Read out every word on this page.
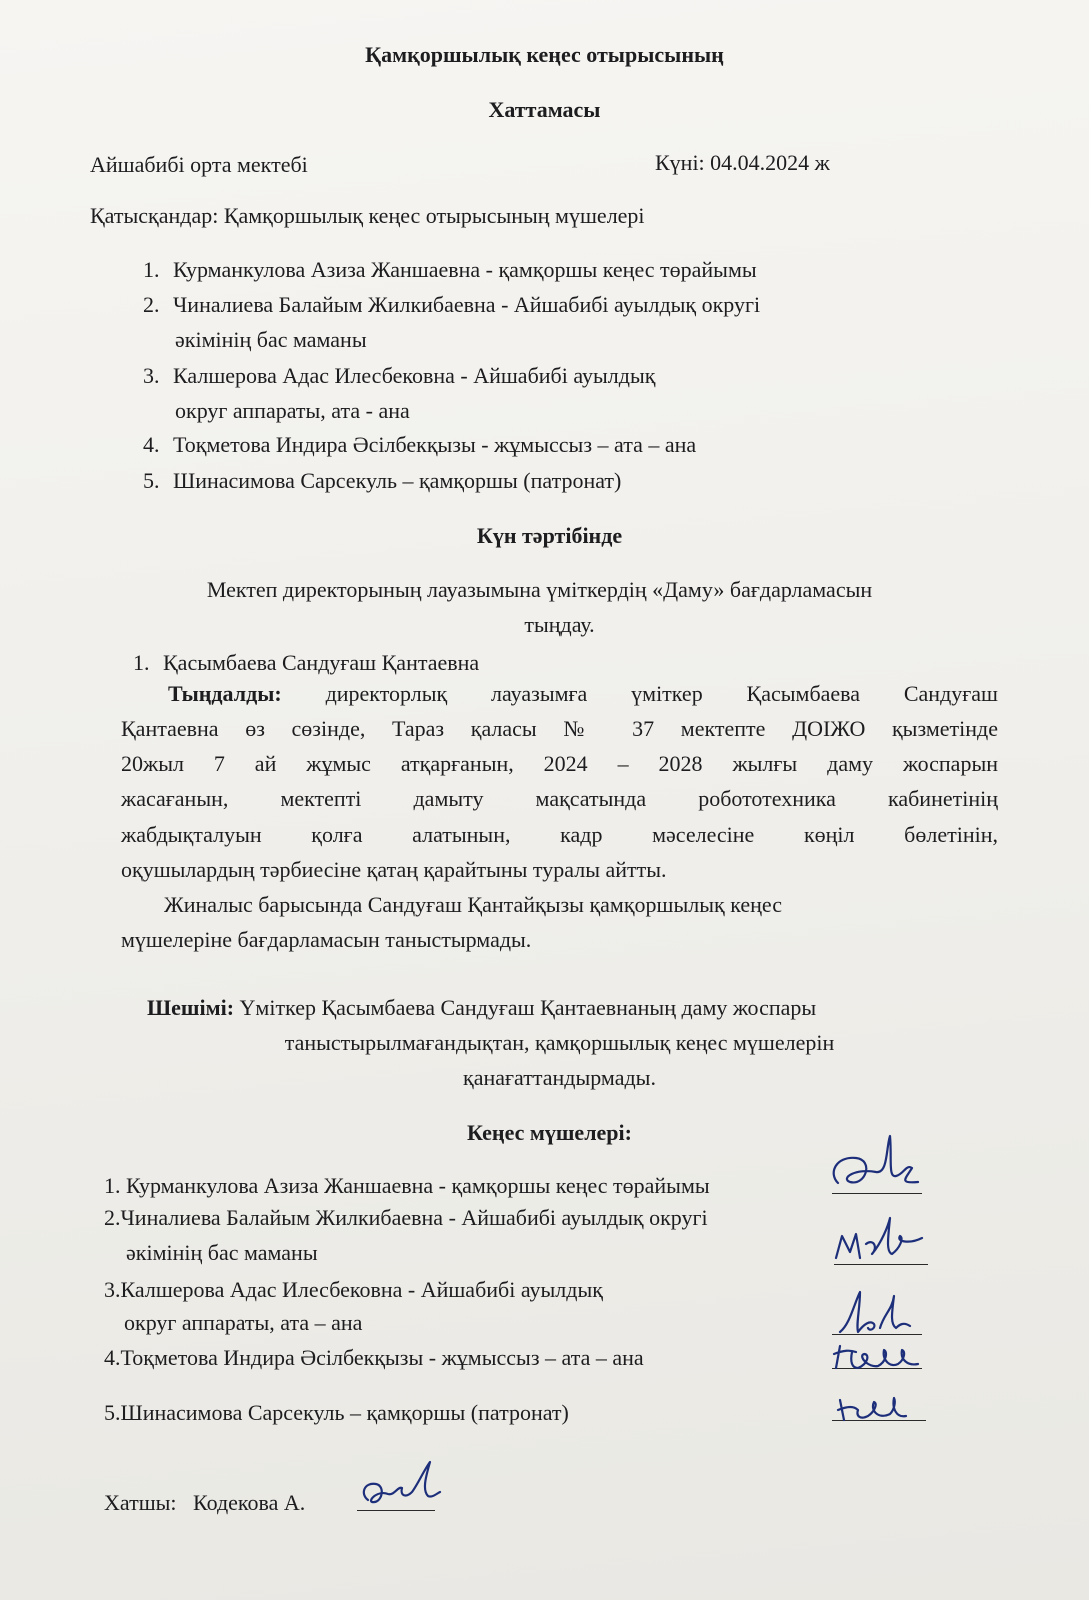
Қамқоршылық кеңес отырысының
Хаттамасы
Айшабибі орта мектебі	Күні: 04.04.2024 ж
Қатысқандар: Қамқоршылық кеңес отырысының мүшелері
1. Курманкулова Азиза Жаншаевна - қамқоршы кеңес төрайымы
2. Чиналиева Балайым Жилкибаевна - Айшабибі ауылдық округі
әкімінің бас маманы
3. Калшерова Адас Илесбековна - Айшабибі ауылдық
округ аппараты, ата - ана
4. Тоқметова Индира Әсілбекқызы - жұмыссыз – ата – ана
5. Шинасимова Сарсекуль – қамқоршы (патронат)
Күн тәртібінде
Мектеп директорының лауазымына үміткердің «Даму» бағдарламасын
тыңдау.
1. Қасымбаева Сандуғаш Қантаевна
Тыңдалды: директорлық лауазымға үміткер Қасымбаева Сандуғаш
Қантаевна өз сөзінде, Тараз қаласы № 37 мектепте ДОІЖО қызметінде
20жыл 7 ай жұмыс атқарғанын, 2024 – 2028 жылғы даму жоспарын
жасағанын, мектепті дамыту мақсатында робототехника кабинетінің
жабдықталуын қолға алатынын, кадр мәселесіне көңіл бөлетінін,
оқушылардың тәрбиесіне қатаң қарайтыны туралы айтты.
Жиналыс барысында Сандуғаш Қантайқызы қамқоршылық кеңес
мүшелеріне бағдарламасын таныстырмады.
Шешімі: Үміткер Қасымбаева Сандуғаш Қантаевнаның даму жоспары
таныстырылмағандықтан, қамқоршылық кеңес мүшелерін
қанағаттандырмады.
Кеңес мүшелері:
1. Курманкулова Азиза Жаншаевна - қамқоршы кеңес төрайымы
2.Чиналиева Балайым Жилкибаевна - Айшабибі ауылдық округі
әкімінің бас маманы
3.Калшерова Адас Илесбековна - Айшабибі ауылдық
округ аппараты, ата – ана
4.Тоқметова Индира Әсілбекқызы - жұмыссыз – ата – ана
5.Шинасимова Сарсекуль – қамқоршы (патронат)
Хатшы: Кодекова А.
